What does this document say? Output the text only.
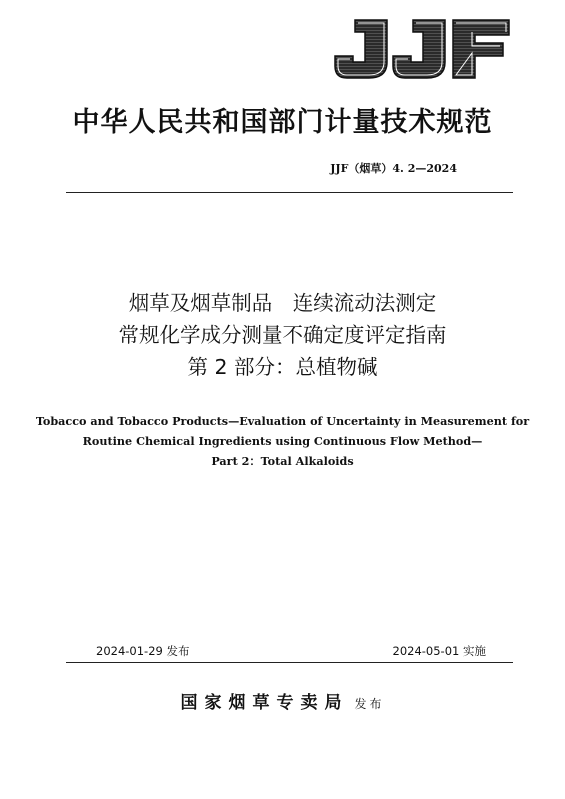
中华人民共和国部门计量技术规范
JJF（烟草）4. 2—2024
烟草及烟草制品　连续流动法测定
常规化学成分测量不确定度评定指南
第 2 部分：总植物碱
Tobacco and Tobacco Products—Evaluation of Uncertainty in Measurement for
Routine Chemical Ingredients using Continuous Flow Method—
Part 2：Total Alkaloids
2024-01-29 发布	2024-05-01 实施
国家烟草专卖局 发布
